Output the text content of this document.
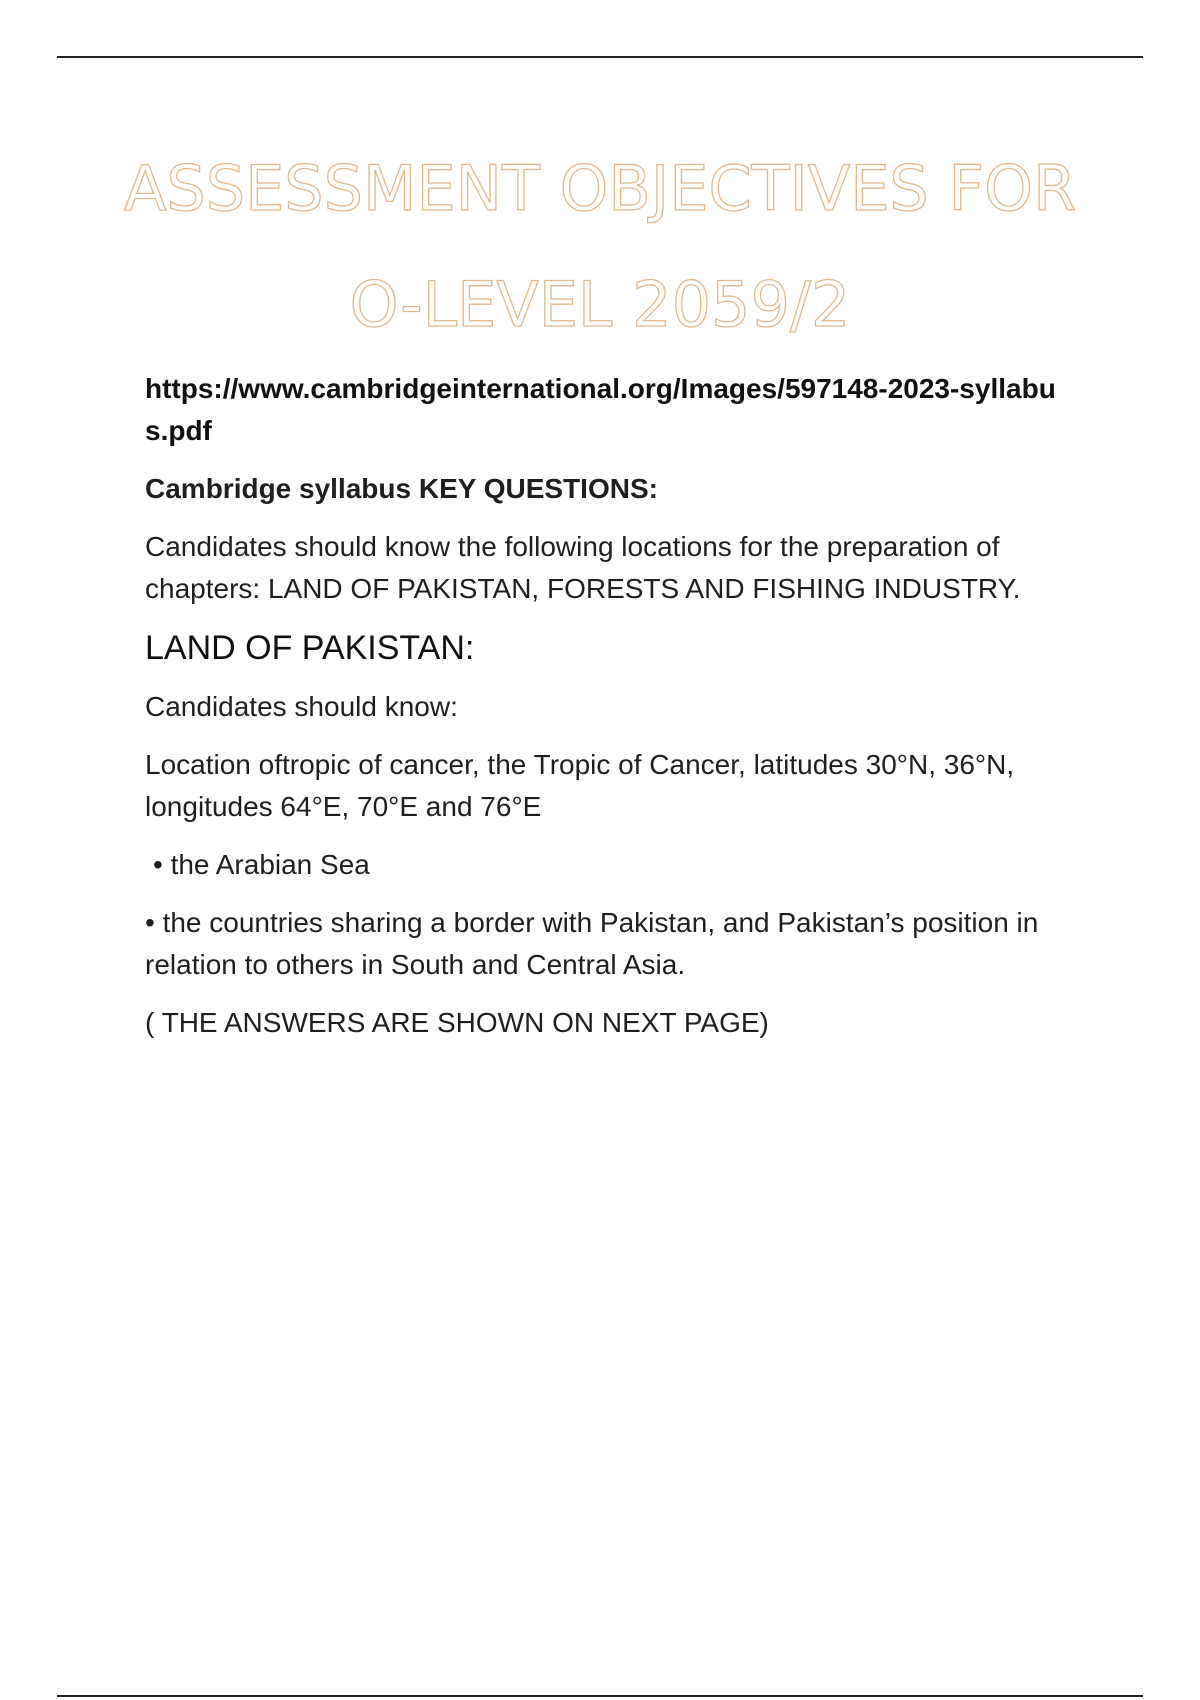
ASSESSMENT OBJECTIVES FOR
O-LEVEL 2059/2

https://www.cambridgeinternational.org/Images/597148-2023-syllabus.pdf

Cambridge syllabus KEY QUESTIONS:

Candidates should know the following locations for the preparation of chapters: LAND OF PAKISTAN, FORESTS AND FISHING INDUSTRY.

LAND OF PAKISTAN:

Candidates should know:

Location oftropic of cancer, the Tropic of Cancer, latitudes 30°N, 36°N, longitudes 64°E, 70°E and 76°E

• the Arabian Sea

• the countries sharing a border with Pakistan, and Pakistan’s position in relation to others in South and Central Asia.

( THE ANSWERS ARE SHOWN ON NEXT PAGE)
